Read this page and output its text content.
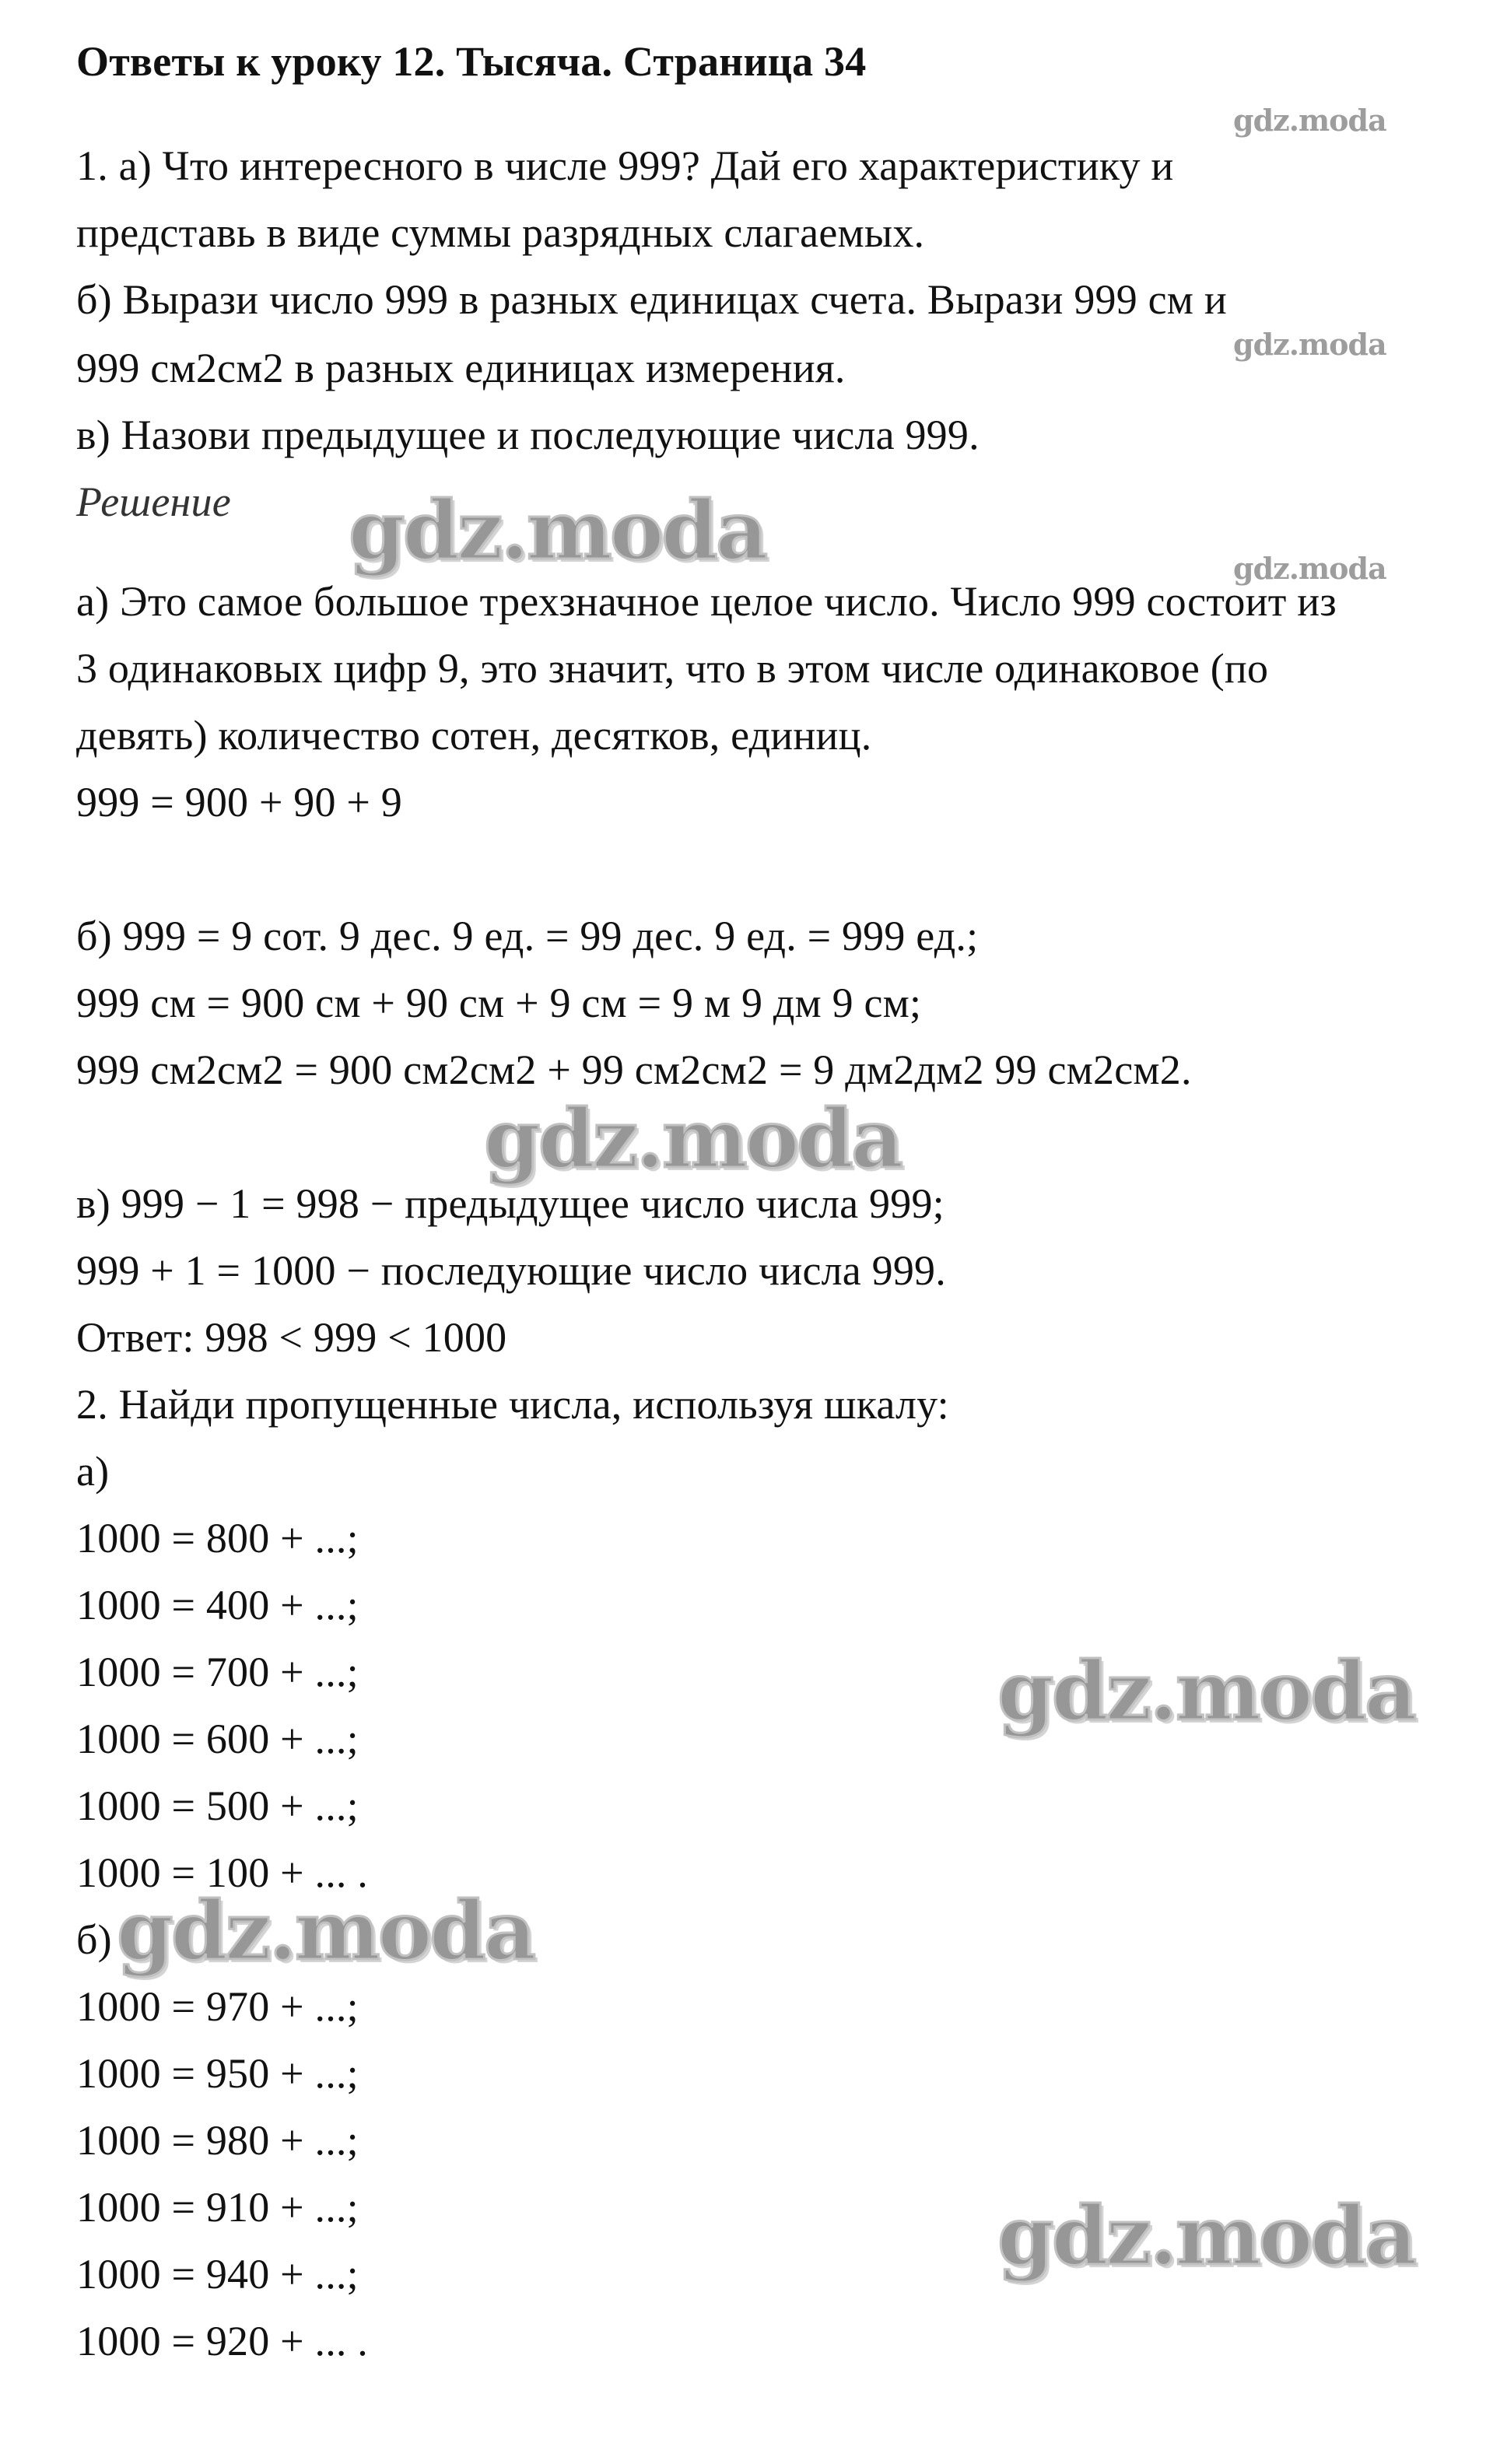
Ответы к уроку 12. Тысяча. Страница 34
1. а) Что интересного в числе 999? Дай его характеристику и
представь в виде суммы разрядных слагаемых.
б) Вырази число 999 в разных единицах счета. Вырази 999 см и
999 см2см2 в разных единицах измерения.
в) Назови предыдущее и последующие числа 999.
Решение
а) Это самое большое трехзначное целое число. Число 999 состоит из
3 одинаковых цифр 9, это значит, что в этом числе одинаковое (по
девять) количество сотен, десятков, единиц.
999 = 900 + 90 + 9
б) 999 = 9 сот. 9 дес. 9 ед. = 99 дес. 9 ед. = 999 ед.;
999 см = 900 см + 90 см + 9 см = 9 м 9 дм 9 см;
999 см2см2 = 900 см2см2 + 99 см2см2 = 9 дм2дм2 99 см2см2.
в) 999 − 1 = 998 − предыдущее число числа 999;
999 + 1 = 1000 − последующие число числа 999.
Ответ: 998 < 999 < 1000
2. Найди пропущенные числа, используя шкалу:
а)
1000 = 800 + ...;
1000 = 400 + ...;
1000 = 700 + ...;
1000 = 600 + ...;
1000 = 500 + ...;
1000 = 100 + ... .
б)
1000 = 970 + ...;
1000 = 950 + ...;
1000 = 980 + ...;
1000 = 910 + ...;
1000 = 940 + ...;
1000 = 920 + ... .
gdz.moda
gdz.moda
gdz.moda
gdz.moda
gdz.moda
gdz.moda
gdz.moda
gdz.moda
